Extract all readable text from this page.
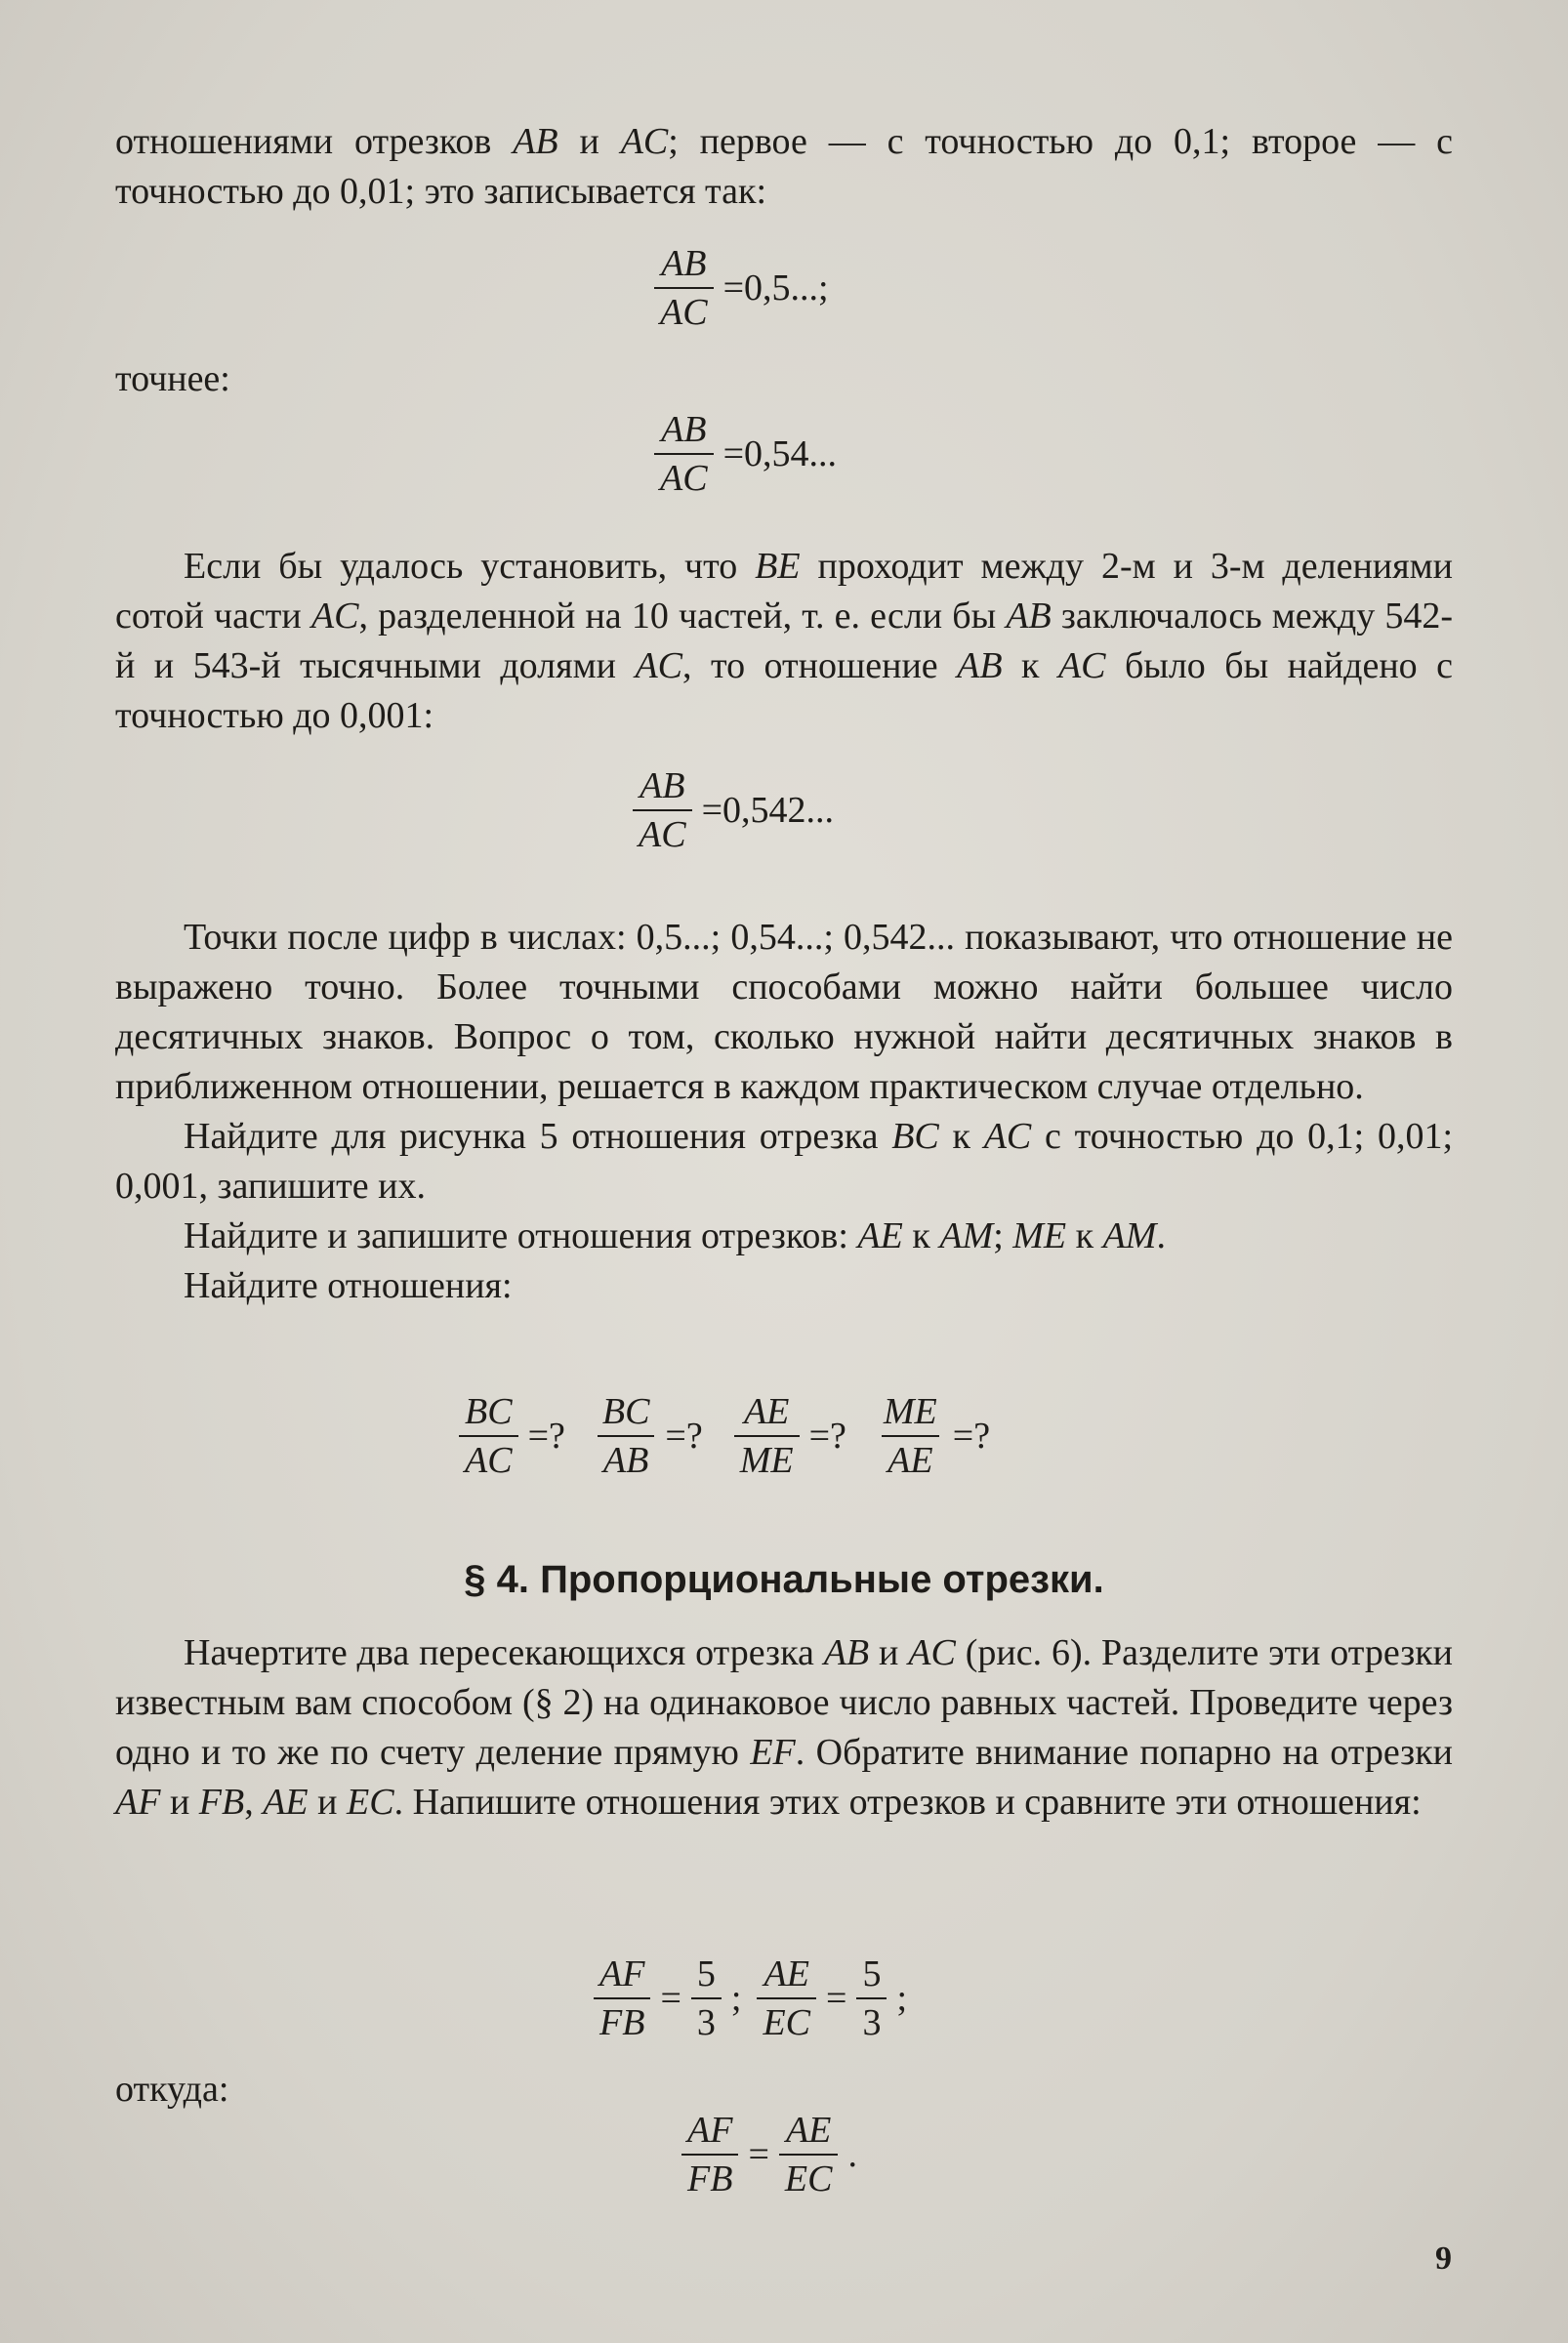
отношениями отрезков AB и AC; первое — с точностью до 0,1; второе — с точностью до 0,01; это записывается так:

$\frac{AB}{AC} =0,5$...;
точнее:
$\frac{AB}{AC} =0,54$...

Если бы удалось установить, что BE проходит между 2-м и 3-м делениями сотой части AC, разделенной на 10 частей, т. е. если бы AB заключалось между 542-й и 543-й тысячными долями AC, то отношение AB к AC было бы найдено с точностью до 0,001:

$\frac{AB}{AC} =0,542$...

Точки после цифр в числах: 0,5...; 0,54...; 0,542... показывают, что отношение не выражено точно. Более точными способами можно найти большее число десятичных знаков. Вопрос о том, сколько нужной найти десятичных знаков в приближенном отношении, решается в каждом практическом случае отдельно.

Найдите для рисунка 5 отношения отрезка BC к AC с точностью до 0,1; 0,01; 0,001, запишите их.

Найдите и запишите отношения отрезков: AE к AM; ME к AM.

Найдите отношения:

$\frac{BC}{AC}$ =? $\frac{BC}{AB}$ =? $\frac{AE}{ME}$ =? $\frac{ME}{AE}$ =?
§ 4. Пропорциональные отрезки.

Начертите два пересекающихся отрезка AB и AC (рис. 6). Разделите эти отрезки известным вам способом (§ 2) на одинаковое число равных частей. Проведите через одно и то же по счету деление прямую EF. Обратите внимание попарно на отрезки AF и FB, AE и EC. Напишите отношения этих отрезков и сравните эти отношения:

$\frac{AF}{FB} = \frac{5}{3}$ ; $\frac{AE}{EC} = \frac{5}{3}$ ;
откуда:
$\frac{AF}{FB} = \frac{AE}{EC}$ .
9
